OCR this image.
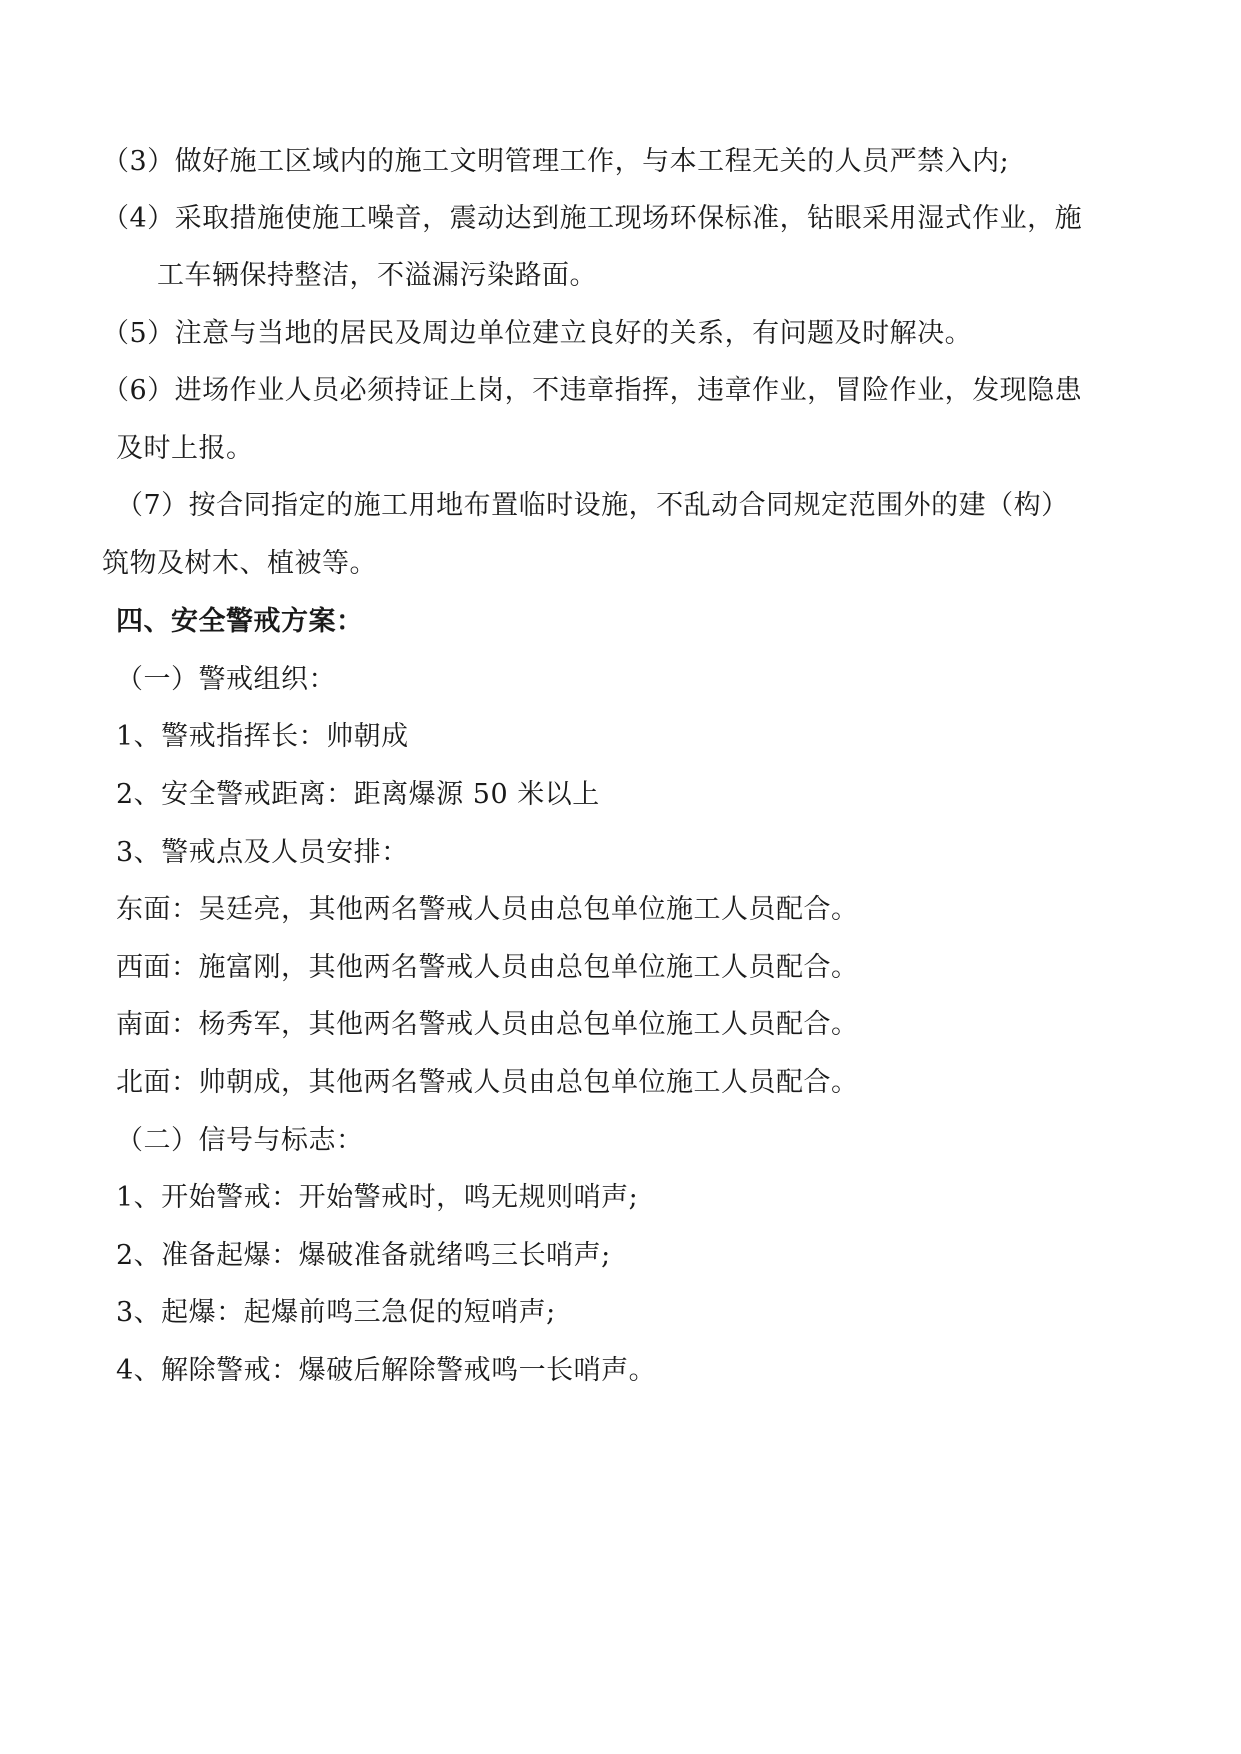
（3）做好施工区域内的施工文明管理工作，与本工程无关的人员严禁入内;
（4）采取措施使施工噪音，震动达到施工现场环保标准，钻眼采用湿式作业，施
工车辆保持整洁，不溢漏污染路面。
（5）注意与当地的居民及周边单位建立良好的关系，有问题及时解决。
（6）进场作业人员必须持证上岗，不违章指挥，违章作业，冒险作业，发现隐患
及时上报。
（7）按合同指定的施工用地布置临时设施，不乱动合同规定范围外的建（构）
筑物及树木、植被等。
四、安全警戒方案：
（一）警戒组织：
1、警戒指挥长：帅朝成
2、安全警戒距离：距离爆源 50 米以上
3、警戒点及人员安排：
东面：吴廷亮，其他两名警戒人员由总包单位施工人员配合。
西面：施富刚，其他两名警戒人员由总包单位施工人员配合。
南面：杨秀军，其他两名警戒人员由总包单位施工人员配合。
北面：帅朝成，其他两名警戒人员由总包单位施工人员配合。
（二）信号与标志：
1、开始警戒：开始警戒时，鸣无规则哨声;
2、准备起爆：爆破准备就绪鸣三长哨声;
3、起爆：起爆前鸣三急促的短哨声;
4、解除警戒：爆破后解除警戒鸣一长哨声。
